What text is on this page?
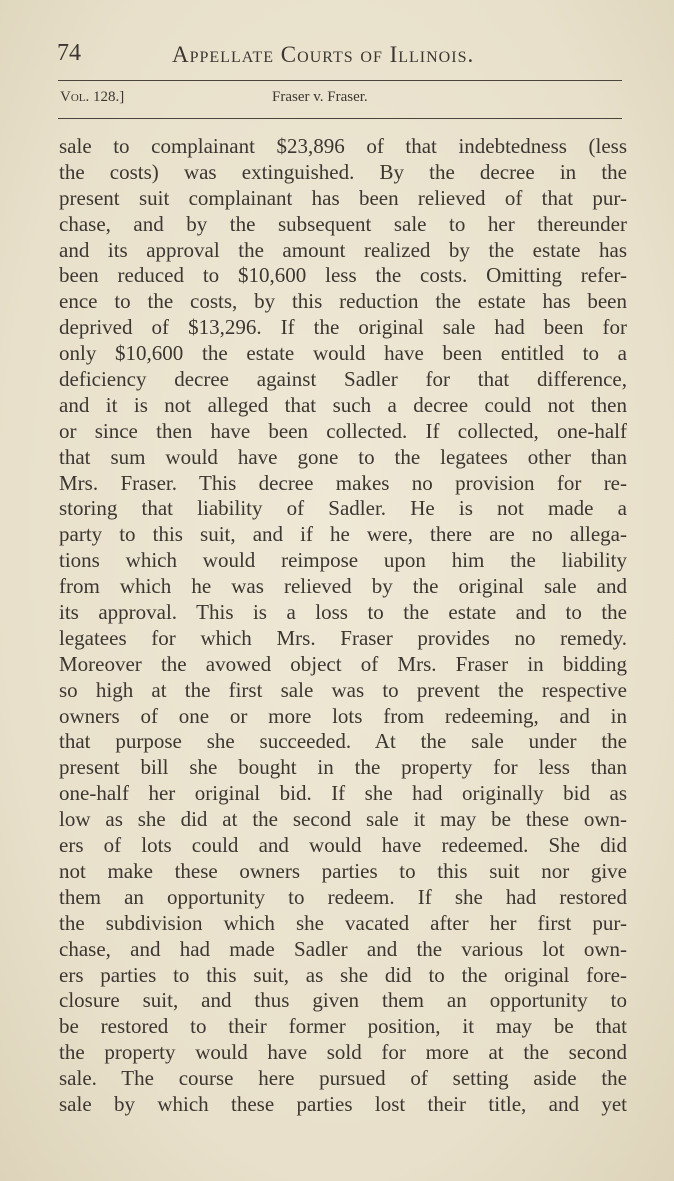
74	Appellate Courts of Illinois.
Vol. 128.]	Fraser v. Fraser.
sale to complainant $23,896 of that indebtedness (less
the costs) was extinguished. By the decree in the
present suit complainant has been relieved of that pur-
chase, and by the subsequent sale to her thereunder
and its approval the amount realized by the estate has
been reduced to $10,600 less the costs. Omitting refer-
ence to the costs, by this reduction the estate has been
deprived of $13,296. If the original sale had been for
only $10,600 the estate would have been entitled to a
deficiency decree against Sadler for that difference,
and it is not alleged that such a decree could not then
or since then have been collected. If collected, one-half
that sum would have gone to the legatees other than
Mrs. Fraser. This decree makes no provision for re-
storing that liability of Sadler. He is not made a
party to this suit, and if he were, there are no allega-
tions which would reimpose upon him the liability
from which he was relieved by the original sale and
its approval. This is a loss to the estate and to the
legatees for which Mrs. Fraser provides no remedy.
Moreover the avowed object of Mrs. Fraser in bidding
so high at the first sale was to prevent the respective
owners of one or more lots from redeeming, and in
that purpose she succeeded. At the sale under the
present bill she bought in the property for less than
one-half her original bid. If she had originally bid as
low as she did at the second sale it may be these own-
ers of lots could and would have redeemed. She did
not make these owners parties to this suit nor give
them an opportunity to redeem. If she had restored
the subdivision which she vacated after her first pur-
chase, and had made Sadler and the various lot own-
ers parties to this suit, as she did to the original fore-
closure suit, and thus given them an opportunity to
be restored to their former position, it may be that
the property would have sold for more at the second
sale. The course here pursued of setting aside the
sale by which these parties lost their title, and yet
